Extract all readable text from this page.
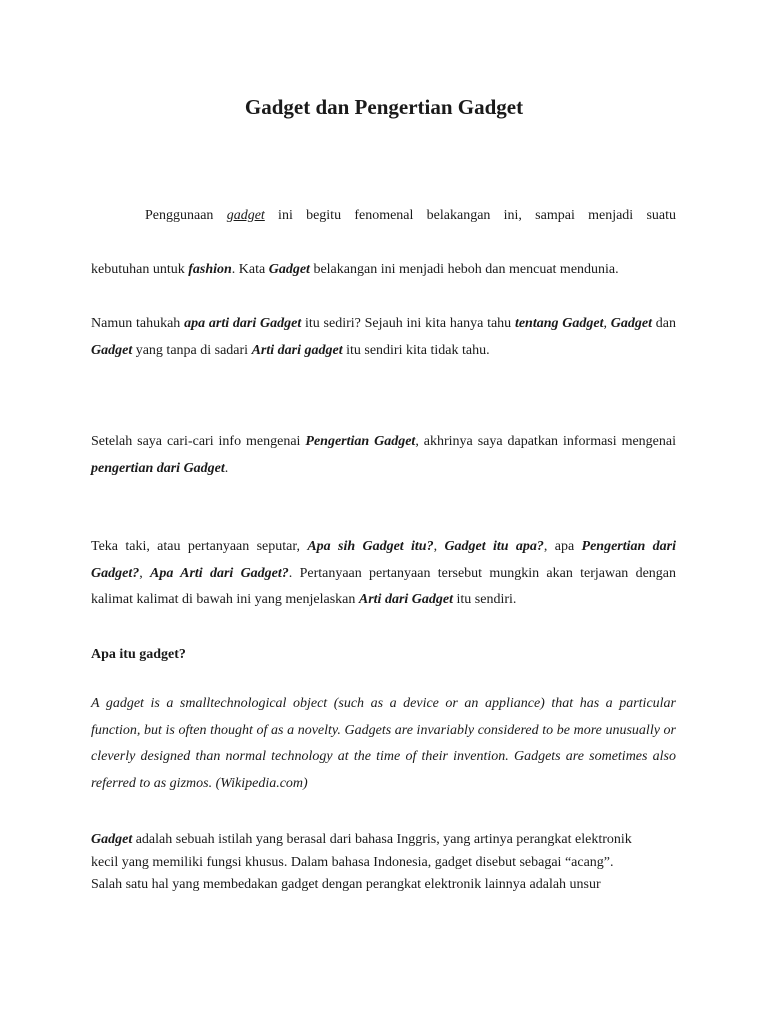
Gadget dan Pengertian Gadget

Penggunaan gadget ini begitu fenomenal belakangan ini, sampai menjadi suatu

kebutuhan untuk fashion. Kata Gadget belakangan ini menjadi heboh dan mencuat mendunia.

Namun tahukah apa arti dari Gadget itu sediri? Sejauh ini kita hanya tahu tentang Gadget, Gadget dan Gadget yang tanpa di sadari Arti dari gadget itu sendiri kita tidak tahu.

Setelah saya cari-cari info mengenai Pengertian Gadget, akhrinya saya dapatkan informasi mengenai pengertian dari Gadget.

Teka taki, atau pertanyaan seputar, Apa sih Gadget itu?, Gadget itu apa?, apa Pengertian dari Gadget?, Apa Arti dari Gadget?. Pertanyaan pertanyaan tersebut mungkin akan terjawan dengan kalimat kalimat di bawah ini yang menjelaskan Arti dari Gadget itu sendiri.

Apa itu gadget?

A gadget is a smalltechnological object (such as a device or an appliance) that has a particular function, but is often thought of as a novelty. Gadgets are invariably considered to be more unusually or cleverly designed than normal technology at the time of their invention. Gadgets are sometimes also referred to as gizmos. (Wikipedia.com)

Gadget adalah sebuah istilah yang berasal dari bahasa Inggris, yang artinya perangkat elektronik
kecil yang memiliki fungsi khusus. Dalam bahasa Indonesia, gadget disebut sebagai “acang”.
Salah satu hal yang membedakan gadget dengan perangkat elektronik lainnya adalah unsur
